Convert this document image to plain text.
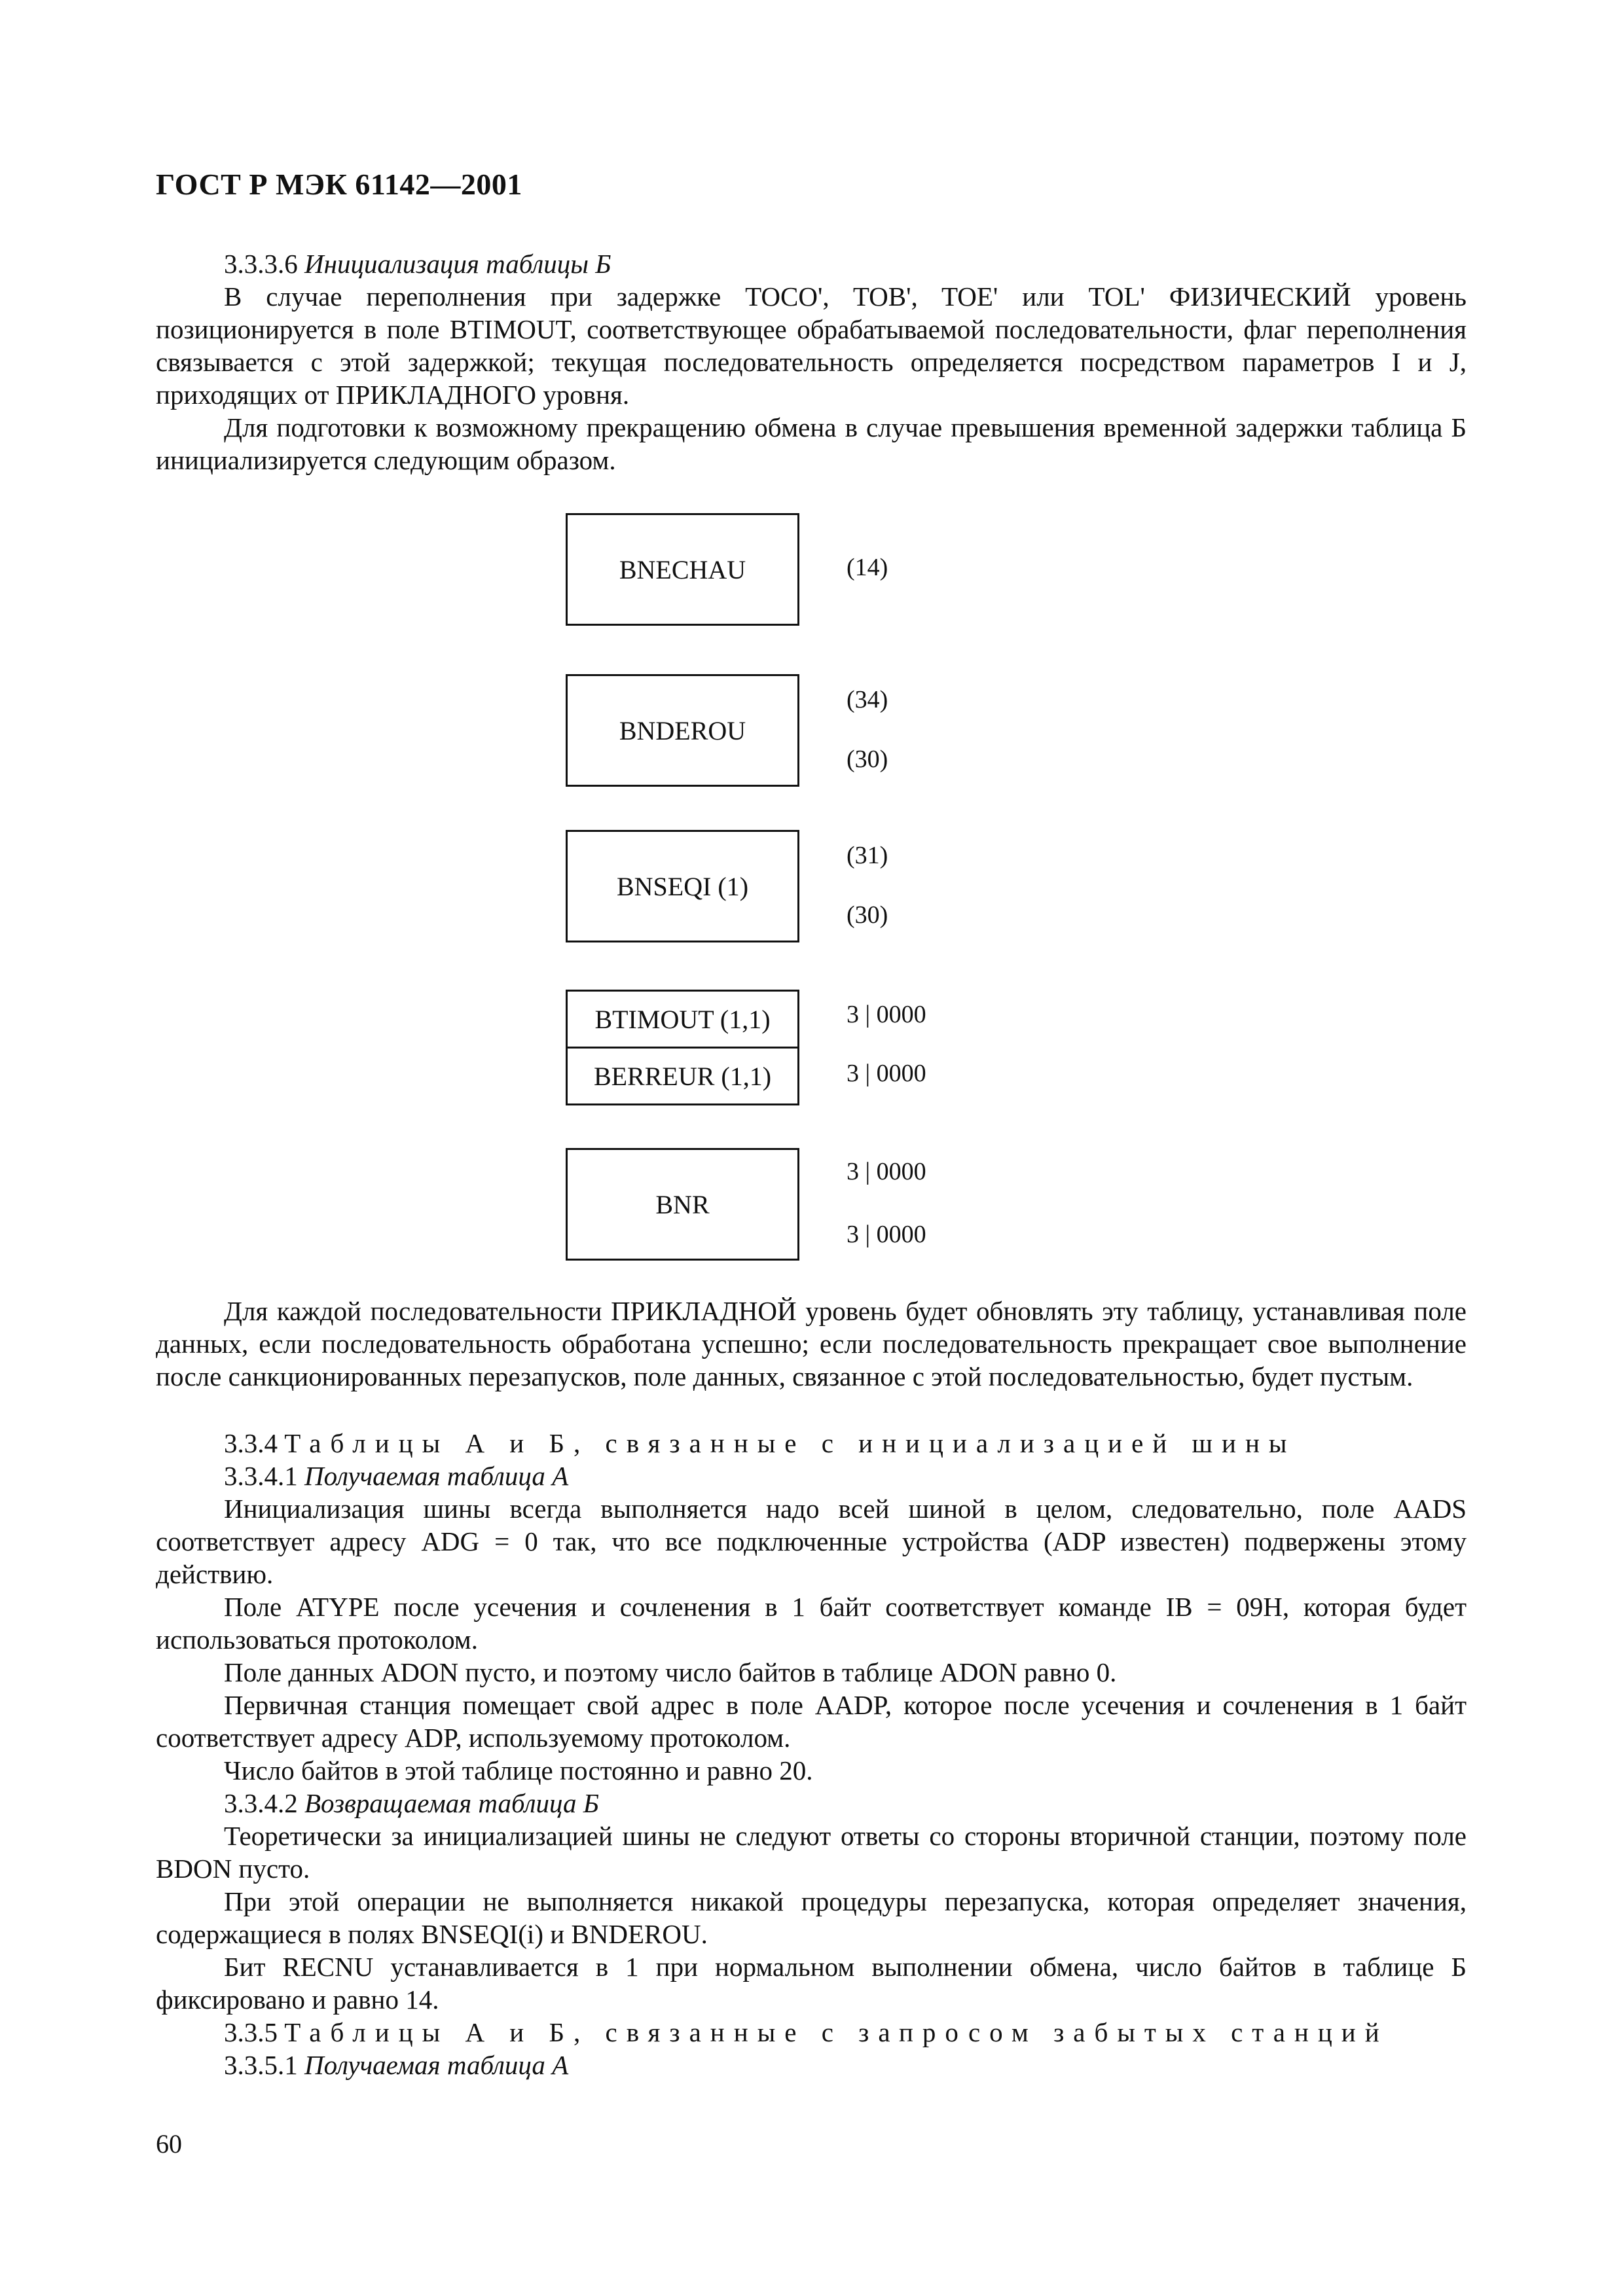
ГОСТ Р МЭК 61142—2001
3.3.3.6 Инициализация таблицы Б

В случае переполнения при задержке TOCO', TOB', TOE' или TOL' ФИЗИЧЕСКИЙ уровень позиционируется в поле BTIMOUT, соответствующее обрабатываемой последовательности, флаг переполнения связывается с этой задержкой; текущая последовательность определяется посредством параметров I и J, приходящих от ПРИКЛАДНОГО уровня.

Для подготовки к возможному прекращению обмена в случае превышения временной задержки таблица Б инициализируется следующим образом.

BNECHAU	(14)
BNDEROU
(34)
(30)
BNSEQI (1)
(31)
(30)
BTIMOUT (1,1)
BERREUR (1,1)
3 | 0000
3 | 0000
BNR
3 | 0000
3 | 0000

Для каждой последовательности ПРИКЛАДНОЙ уровень будет обновлять эту таблицу, устанавливая поле данных, если последовательность обработана успешно; если последовательность прекращает свое выполнение после санкционированных перезапусков, поле данных, связанное с этой последовательностью, будет пустым.

3.3.4 Таблицы А и Б, связанные с инициализацией шины
3.3.4.1 Получаемая таблица А

Инициализация шины всегда выполняется надо всей шиной в целом, следовательно, поле AADS соответствует адресу ADG = 0 так, что все подключенные устройства (ADP известен) подвержены этому действию.

Поле ATYPE после усечения и сочленения в 1 байт соответствует команде IB = 09H, которая будет использоваться протоколом.

Поле данных ADON пусто, и поэтому число байтов в таблице ADON равно 0.

Первичная станция помещает свой адрес в поле AADP, которое после усечения и сочленения в 1 байт соответствует адресу ADP, используемому протоколом.

Число байтов в этой таблице постоянно и равно 20.

3.3.4.2 Возвращаемая таблица Б

Теоретически за инициализацией шины не следуют ответы со стороны вторичной станции, поэтому поле BDON пусто.

При этой операции не выполняется никакой процедуры перезапуска, которая определяет значения, содержащиеся в полях BNSEQI(i) и BNDEROU.

Бит RECNU устанавливается в 1 при нормальном выполнении обмена, число байтов в таблице Б фиксировано и равно 14.

3.3.5 Таблицы А и Б, связанные с запросом забытых станций
3.3.5.1 Получаемая таблица А
60
